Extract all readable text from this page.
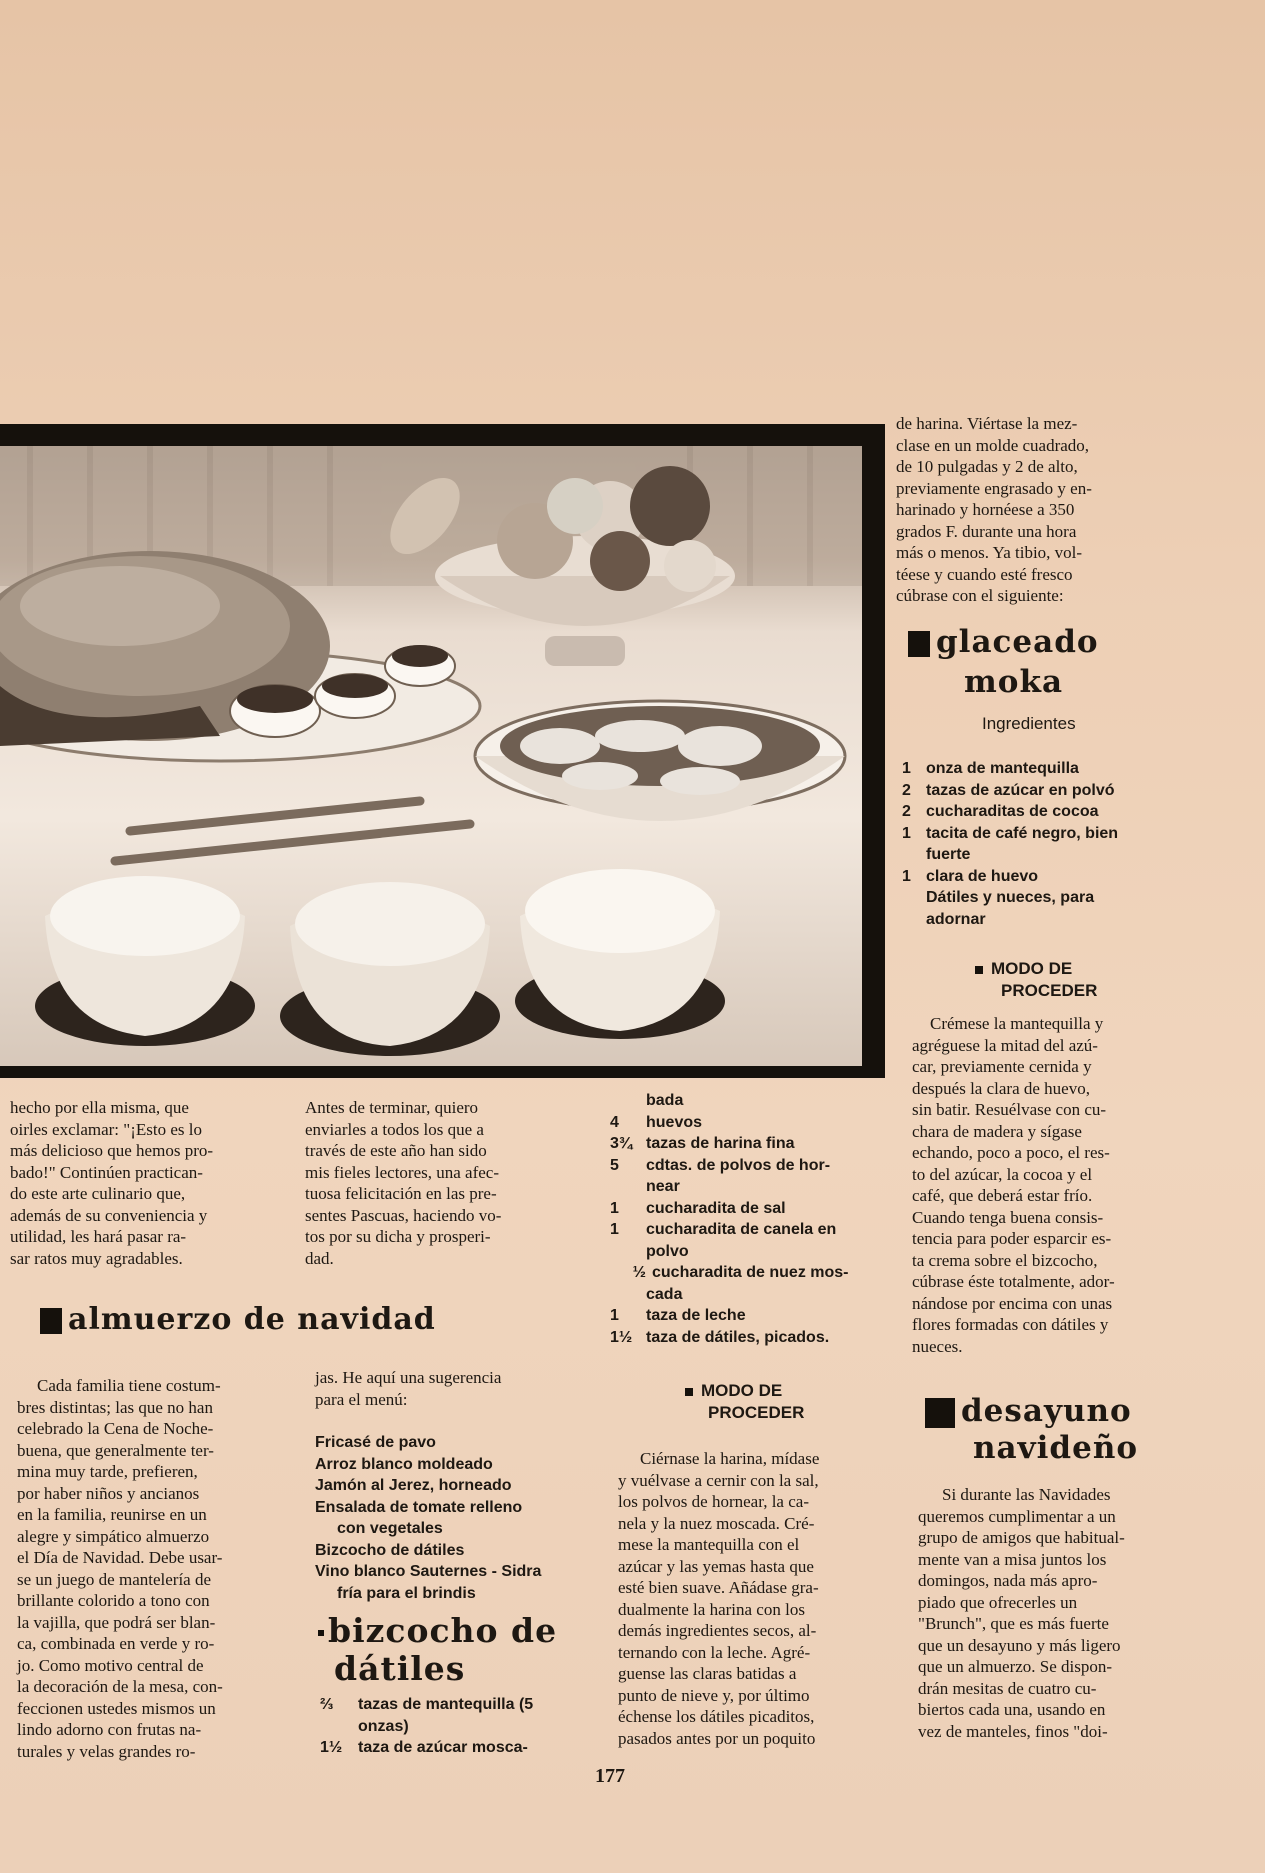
hecho por ella misma, que

oirles exclamar: "¡Esto es lo

más delicioso que hemos pro-

bado!" Continúen practican-

do este arte culinario que,

además de su conveniencia y

utilidad, les hará pasar ra-

sar ratos muy agradables.

Antes de terminar, quiero

enviarles a todos los que a

través de este año han sido

mis fieles lectores, una afec-

tuosa felicitación en las pre-

sentes Pascuas, haciendo vo-

tos por su dicha y prosperi-

dad.

almuerzo de navidad

Cada familia tiene costum-

bres distintas; las que no han

celebrado la Cena de Noche-

buena, que generalmente ter-

mina muy tarde, prefieren,

por haber niños y ancianos

en la familia, reunirse en un

alegre y simpático almuerzo

el Día de Navidad. Debe usar-

se un juego de mantelería de

brillante colorido a tono con

la vajilla, que podrá ser blan-

ca, combinada en verde y ro-

jo. Como motivo central de

la decoración de la mesa, con-

feccionen ustedes mismos un

lindo adorno con frutas na-

turales y velas grandes ro-

jas. He aquí una sugerencia

para el menú:

Fricasé de pavo

Arroz blanco moldeado

Jamón al Jerez, horneado

Ensalada de tomate relleno

con vegetales

Bizcocho de dátiles

Vino blanco Sauternes - Sidra

fría para el brindis

bizcocho de
dátiles
⅔	tazas de mantequilla (5
onzas)
1½ taza de azúcar mosca-
bada
4	huevos
3¾ tazas de harina fina
5	cdtas. de polvos de hor-
near
1	cucharadita de sal
1	cucharadita de canela en
polvo
½ cucharadita de nuez mos-
cada
1	taza de leche
1½ taza de dátiles, picados.
MODO DE
PROCEDER

Ciérnase la harina, mídase

y vuélvase a cernir con la sal,

los polvos de hornear, la ca-

nela y la nuez moscada. Cré-

mese la mantequilla con el

azúcar y las yemas hasta que

esté bien suave. Añádase gra-

dualmente la harina con los

demás ingredientes secos, al-

ternando con la leche. Agré-

guense las claras batidas a

punto de nieve y, por último

échense los dátiles picaditos,

pasados antes por un poquito

177

de harina. Viértase la mez-

clase en un molde cuadrado,

de 10 pulgadas y 2 de alto,

previamente engrasado y en-

harinado y hornéese a 350

grados F. durante una hora

más o menos. Ya tibio, vol-

téese y cuando esté fresco

cúbrase con el siguiente:

glaceado
moka
Ingredientes
1 onza de mantequilla
2 tazas de azúcar en polvó
2 cucharaditas de cocoa
1 tacita de café negro, bien
fuerte
1 clara de huevo
Dátiles y nueces, para
adornar
MODO DE
PROCEDER

Crémese la mantequilla y

agréguese la mitad del azú-

car, previamente cernida y

después la clara de huevo,

sin batir. Resuélvase con cu-

chara de madera y sígase

echando, poco a poco, el res-

to del azúcar, la cocoa y el

café, que deberá estar frío.

Cuando tenga buena consis-

tencia para poder esparcir es-

ta crema sobre el bizcocho,

cúbrase éste totalmente, ador-

nándose por encima con unas

flores formadas con dátiles y

nueces.

desayuno
navideño

Si durante las Navidades

queremos cumplimentar a un

grupo de amigos que habitual-

mente van a misa juntos los

domingos, nada más apro-

piado que ofrecerles un

"Brunch", que es más fuerte

que un desayuno y más ligero

que un almuerzo. Se dispon-

drán mesitas de cuatro cu-

biertos cada una, usando en

vez de manteles, finos "doi-
